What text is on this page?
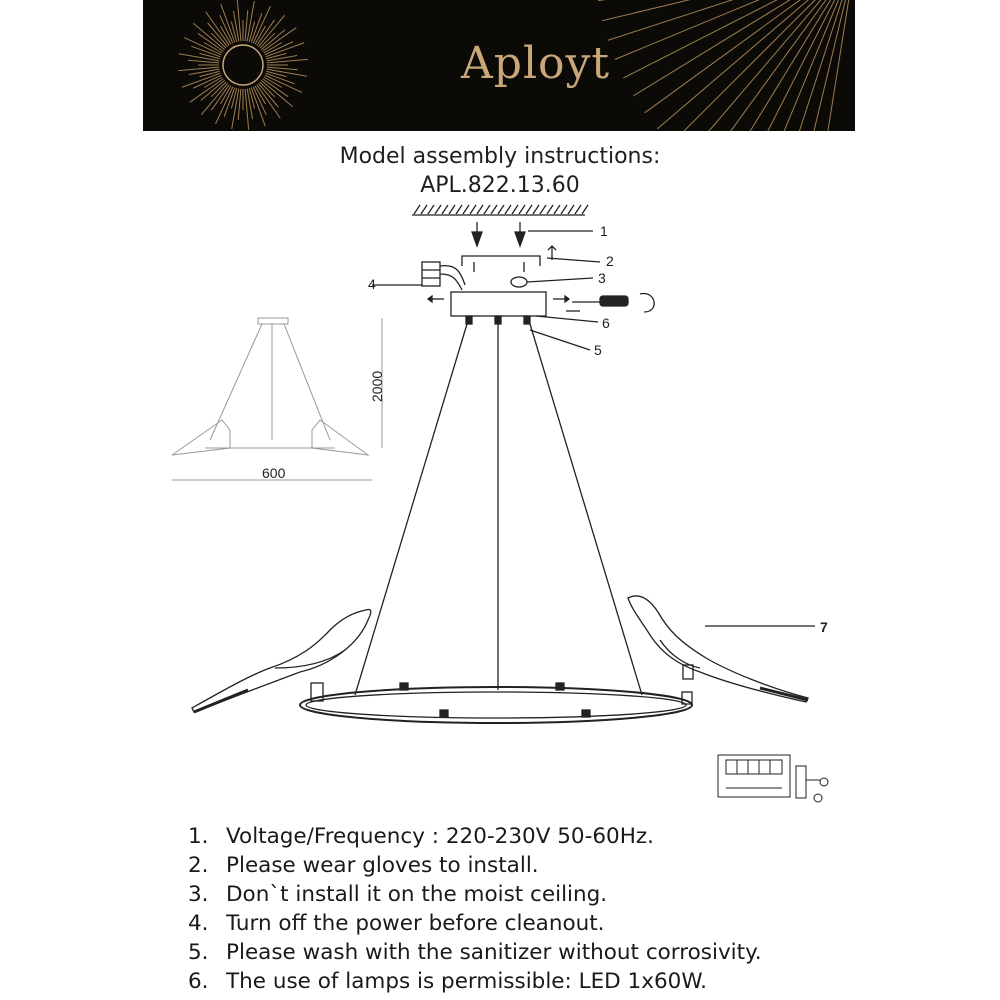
Aployt
Model assembly instructions:
APL.822.13.60
1
2
3
4
5
6
7
2000
600
1. Voltage/Frequency : 220-230V 50-60Hz.
2. Please wear gloves to install.
3. Don`t install it on the moist ceiling.
4. Turn off the power before cleanout.
5. Please wash with the sanitizer without corrosivity.
6. The use of lamps is permissible: LED 1x60W.
